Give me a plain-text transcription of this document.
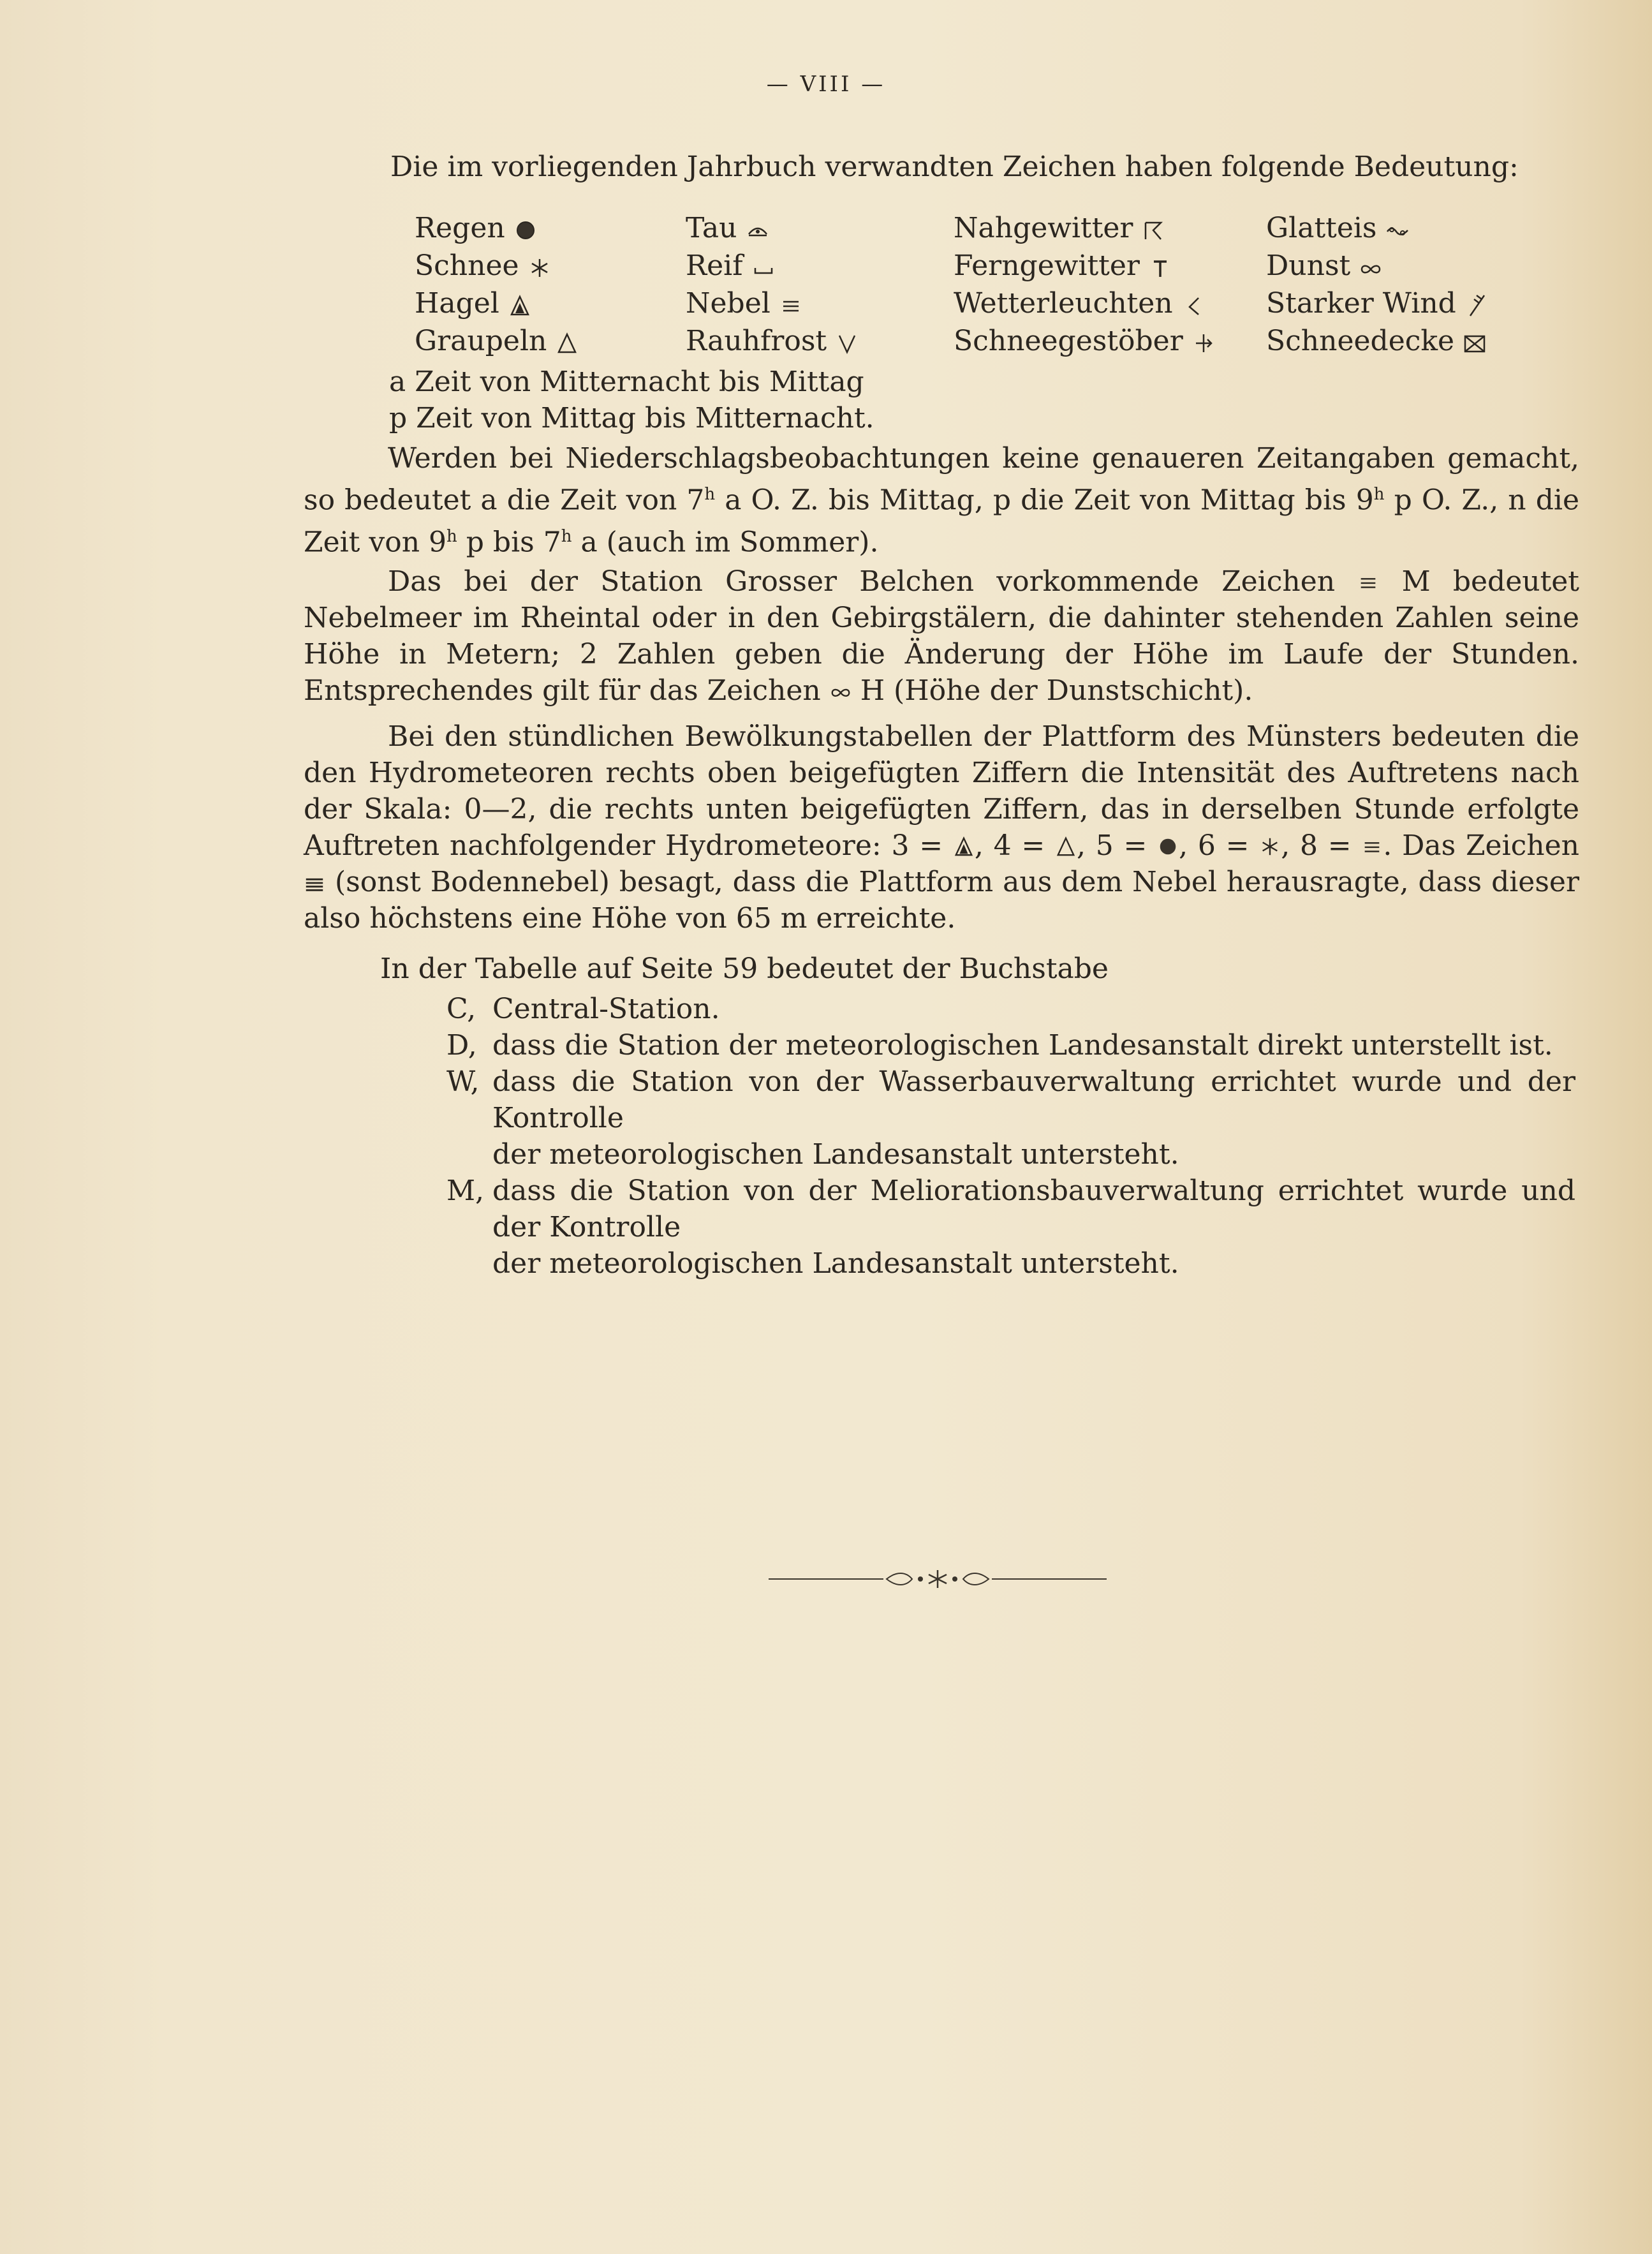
— VIII —
Die im vorliegenden Jahrbuch verwandten Zeichen haben folgende Bedeutung:
Regen	Tau	Nahgewitter	Glatteis
Schnee	Reif	Ferngewitter	Dunst
Hagel	Nebel	Wetterleuchten	Starker Wind
Graupeln	Rauhfrost	Schneegestöber	Schneedecke
a Zeit von Mitternacht bis Mittag
p Zeit von Mittag bis Mitternacht.

Werden bei Niederschlagsbeobachtungen keine genaueren Zeitangaben gemacht, so bedeutet a die Zeit von 7$^h$ a O. Z. bis Mittag, p die Zeit von Mittag bis 9$^h$ p O. Z., n die Zeit von 9$^h$ p bis 7$^h$ a (auch im Sommer).

Das bei der Station Grosser Belchen vorkommende Zeichen
M bedeutet Nebelmeer im Rheintal oder in den Gebirgstälern, die dahinter stehenden Zahlen seine Höhe in Metern; 2 Zahlen geben die Änderung der Höhe im Laufe der Stunden. Entsprechendes gilt für das Zeichen
H (Höhe der Dunstschicht).

Bei den stündlichen Bewölkungstabellen der Plattform des Münsters bedeuten die den Hydrometeoren rechts oben beigefügten Ziffern die Intensität des Auftretens nach der Skala: 0—2, die rechts unten beigefügten Ziffern, das in derselben Stunde erfolgte Auftreten nachfolgender Hydrometeore: 3 =
, 4 =
, 5 =
, 6 =
, 8 =
. Das Zeichen
(sonst Bodennebel) besagt, dass die Plattform aus dem Nebel herausragte, dass dieser also höchstens eine Höhe von 65 m erreichte.

In der Tabelle auf Seite 59 bedeutet der Buchstabe
C, Central-Station.
D, dass die Station der meteorologischen Landesanstalt direkt unterstellt ist.
W, dass die Station von der Wasserbauverwaltung errichtet wurde und der Kontrolle
der meteorologischen Landesanstalt untersteht.
M, dass die Station von der Meliorationsbauverwaltung errichtet wurde und der Kontrolle
der meteorologischen Landesanstalt untersteht.
